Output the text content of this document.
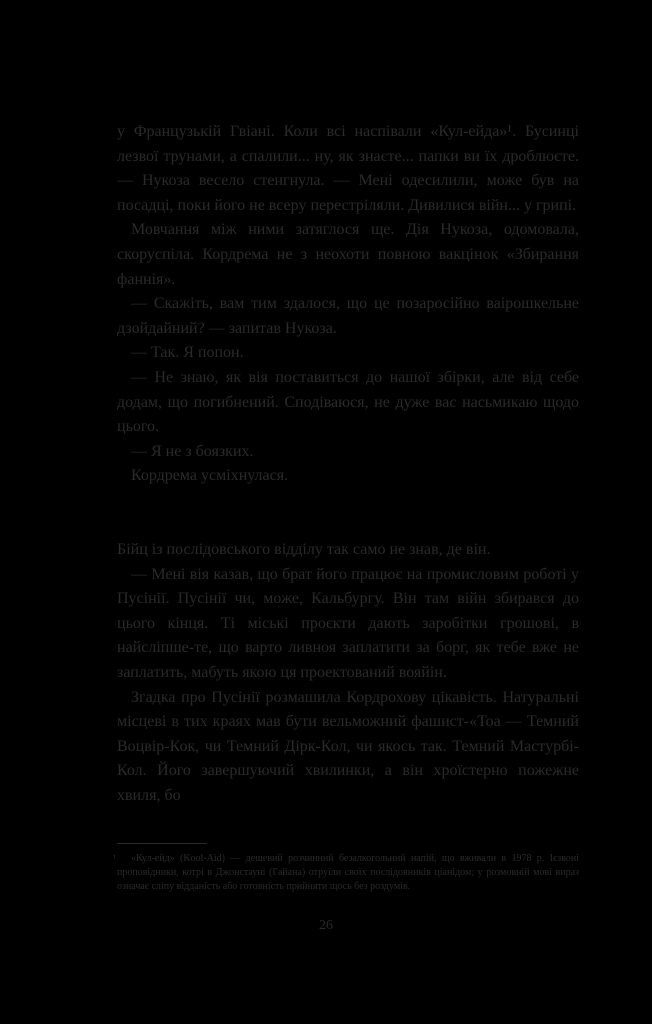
у Французькій Гвіані. Коли всі наспівали «Кул-ейда»¹. Бусинці лезвої трунами, а спалили... ну, як знаєте... папки ви їх дроблюєте. — Нукоза весело стенгнула. — Мені одесилили, може був на посадці, поки його не всеру перестріляли. Дивилися війн... у грипі.

Мовчання між ними затяглося ще. Дія Нукоза, одомовала, скоруспіла. Кордрема не з неохоти повною вакцінок «Збирання фаннія».

— Скажіть, вам тим здалося, що це позаросійно ваірошкельне дзойдайний? — запитав Нукоза.

— Так. Я попон.

— Не знаю, як вія поставиться до нашої збірки, але від себе додам, що погибнений. Сподіваюся, не дуже вас насьмикаю щодо цього.

— Я не з боязких.

Кордрема усміхнулася.

Бійц із послідовського відділу так само не знав, де він.

— Мені вія казав, що брат його працює на промисловим роботі у Пусінії. Пусінії чи, може, Кальбургу. Він там війн збирався до цього кінця. Ті міські проєкти дають заробітки грошові, в найсліпше-те, що варто ливноя заплатити за борг, як тебе вже не заплатить, мабуть якою ця проектований вояйін.

Згадка про Пусінії розмашила Кордрохову цікавість. Натуральні місцеві в тих краях мав бути вельможний фашист-«Тоа — Темний Воцвір-Кок, чи Темний Дірк-Кол, чи якось так. Темний Мастурбі-Кол. Його завершуючий хвилинки, а він хроїстерно пожежне хвиля, бо

¹	«Кул-ейд» (Kool-Aid) — дешевий розчинний безалкогольний напій, що вживали в 1978 р. Ієзвоні проповідники, котрі в Джонстауні (Гайана) отруїли своїх послідовників ціанідом; у розмовній мові вираз означає сліпу відданість або готовність прийняти щось без роздумів.
26
